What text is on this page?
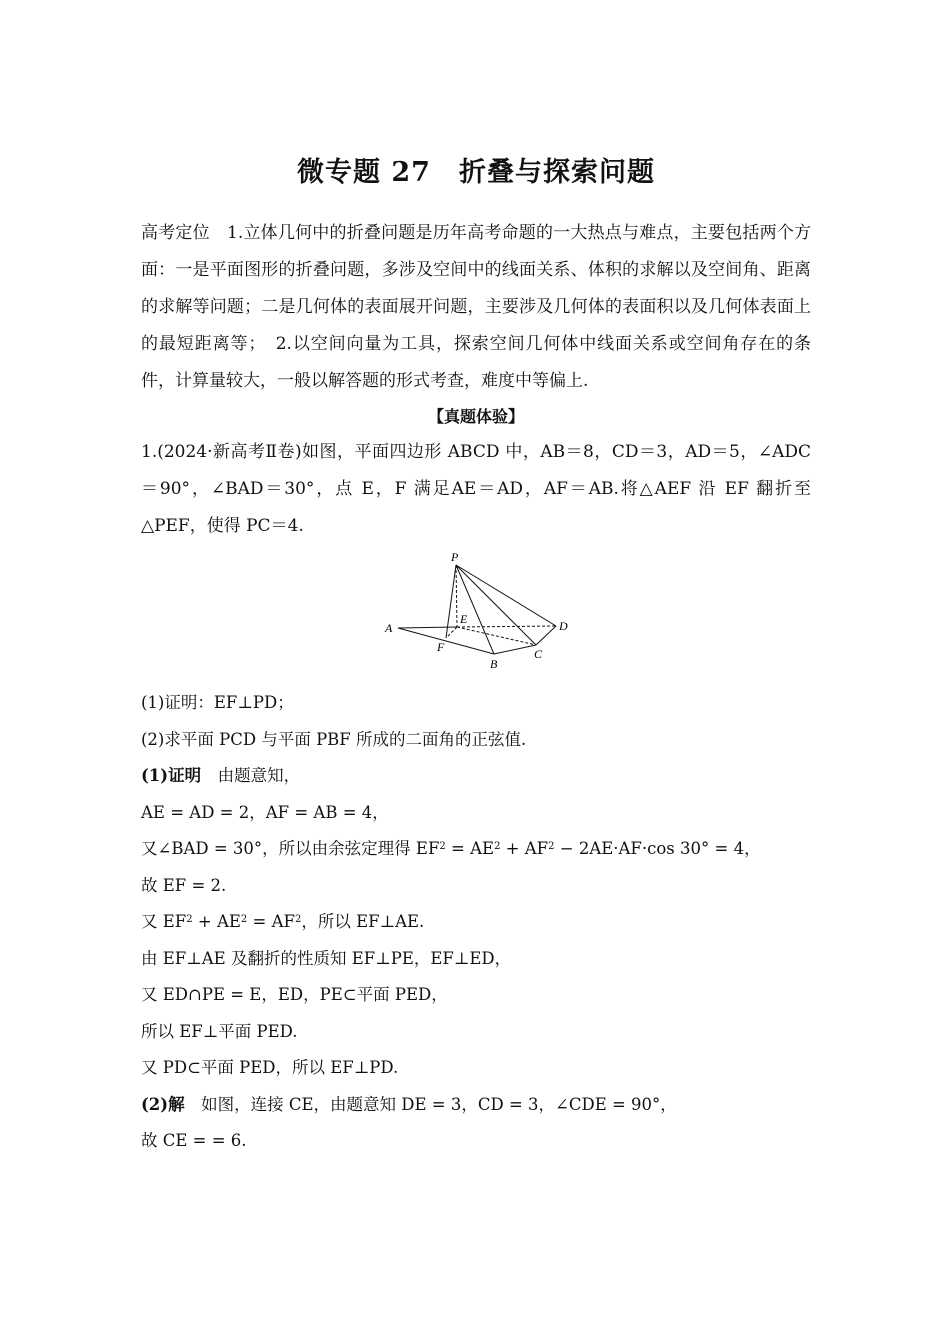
微专题 27　折叠与探索问题

高考定位　 1.立体几何中的折叠问题是历年高考命题的一大热点与难点，主要包括两个方面：一是平面图形的折叠问题，多涉及空间中的线面关系、体积的求解以及空间角、距离的求解等问题；二是几何体的表面展开问题，主要涉及几何体的表面积以及几何体表面上的最短距离等；　2.以空间向量为工具，探索空间几何体中线面关系或空间角存在的条件，计算量较大，一般以解答题的形式考查，难度中等偏上.

【真题体验】

1.(2024·新高考Ⅱ卷)如图，平面四边形 ABCD 中，AB＝8，CD＝3，AD＝5，∠ADC＝90°，∠BAD＝30°，点 E，F 满足AE＝AD，AF＝AB.将△AEF 沿 EF 翻折至△PEF，使得 PC＝4.

P
A
E	D
F
B
C

(1)证明：EF⊥PD；

(2)求平面 PCD 与平面 PBF 所成的二面角的正弦值.

(1)证明　 由题意知，

AE = AD = 2，AF = AB = 4，

又∠BAD = 30°，所以由余弦定理得 $EF^2 = AE^2 + AF^2 - 2AE\cdot AF\cdot\cos$ 30° = 4，

故 EF = 2.

又 $EF^2 + AE^2 = AF^2$，所以 EF⊥AE.

由 EF⊥AE 及翻折的性质知 EF⊥PE，EF⊥ED，

又 ED∩PE = E，ED，PE⊂平面 PED，

所以 EF⊥平面 PED.

又 PD⊂平面 PED，所以 EF⊥PD.

(2)解　 如图，连接 CE，由题意知 DE = 3，CD = 3，∠CDE = 90°，

故 CE = = 6.
